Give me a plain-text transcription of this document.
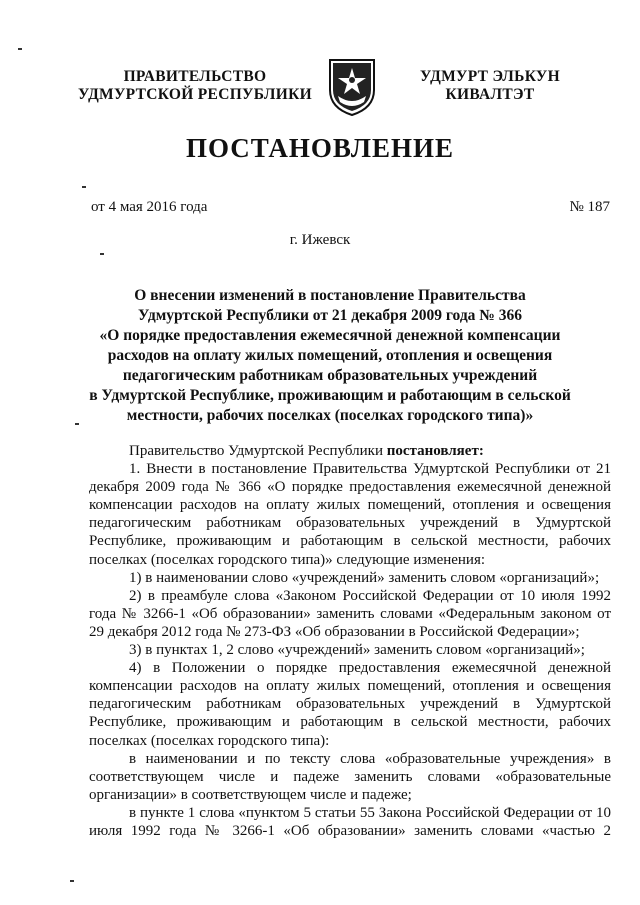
ПРАВИТЕЛЬСТВО
УДМУРТСКОЙ РЕСПУБЛИКИ
УДМУРТ ЭЛЬКУН
КИВАЛТЭТ
ПОСТАНОВЛЕНИЕ
от 4 мая 2016 года	№ 187
г. Ижевск
О внесении изменений в постановление Правительства
Удмуртской Республики от 21 декабря 2009 года № 366
«О порядке предоставления ежемесячной денежной компенсации
расходов на оплату жилых помещений, отопления и освещения
педагогическим работникам образовательных учреждений
в Удмуртской Республике, проживающим и работающим в сельской
местности, рабочих поселках (поселках городского типа)»

Правительство Удмуртской Республики постановляет:

1. Внести в постановление Правительства Удмуртской Республики от 21 декабря 2009 года № 366 «О порядке предоставления ежемесячной денежной компенсации расходов на оплату жилых помещений, отопления и освещения педагогическим работникам образовательных учреждений в Удмуртской Республике, проживающим и работающим в сельской местности, рабочих поселках (поселках городского типа)» следующие изменения:

1) в наименовании слово «учреждений» заменить словом «организаций»;

2) в преамбуле слова «Законом Российской Федерации от 10 июля 1992 года № 3266-1 «Об образовании» заменить словами «Федеральным законом от 29 декабря 2012 года № 273-ФЗ «Об образовании в Российской Федерации»;

3) в пунктах 1, 2 слово «учреждений» заменить словом «организаций»;

4) в Положении о порядке предоставления ежемесячной денежной компенсации расходов на оплату жилых помещений, отопления и освещения педагогическим работникам образовательных учреждений в Удмуртской Республике, проживающим и работающим в сельской местности, рабочих поселках (поселках городского типа):

в наименовании и по тексту слова «образовательные учреждения» в соответствующем числе и падеже заменить словами «образовательные организации» в соответствующем числе и падеже;

в пункте 1 слова «пунктом 5 статьи 55 Закона Российской Федерации от 10 июля 1992 года № 3266-1 «Об образовании» заменить словами «частью 2
